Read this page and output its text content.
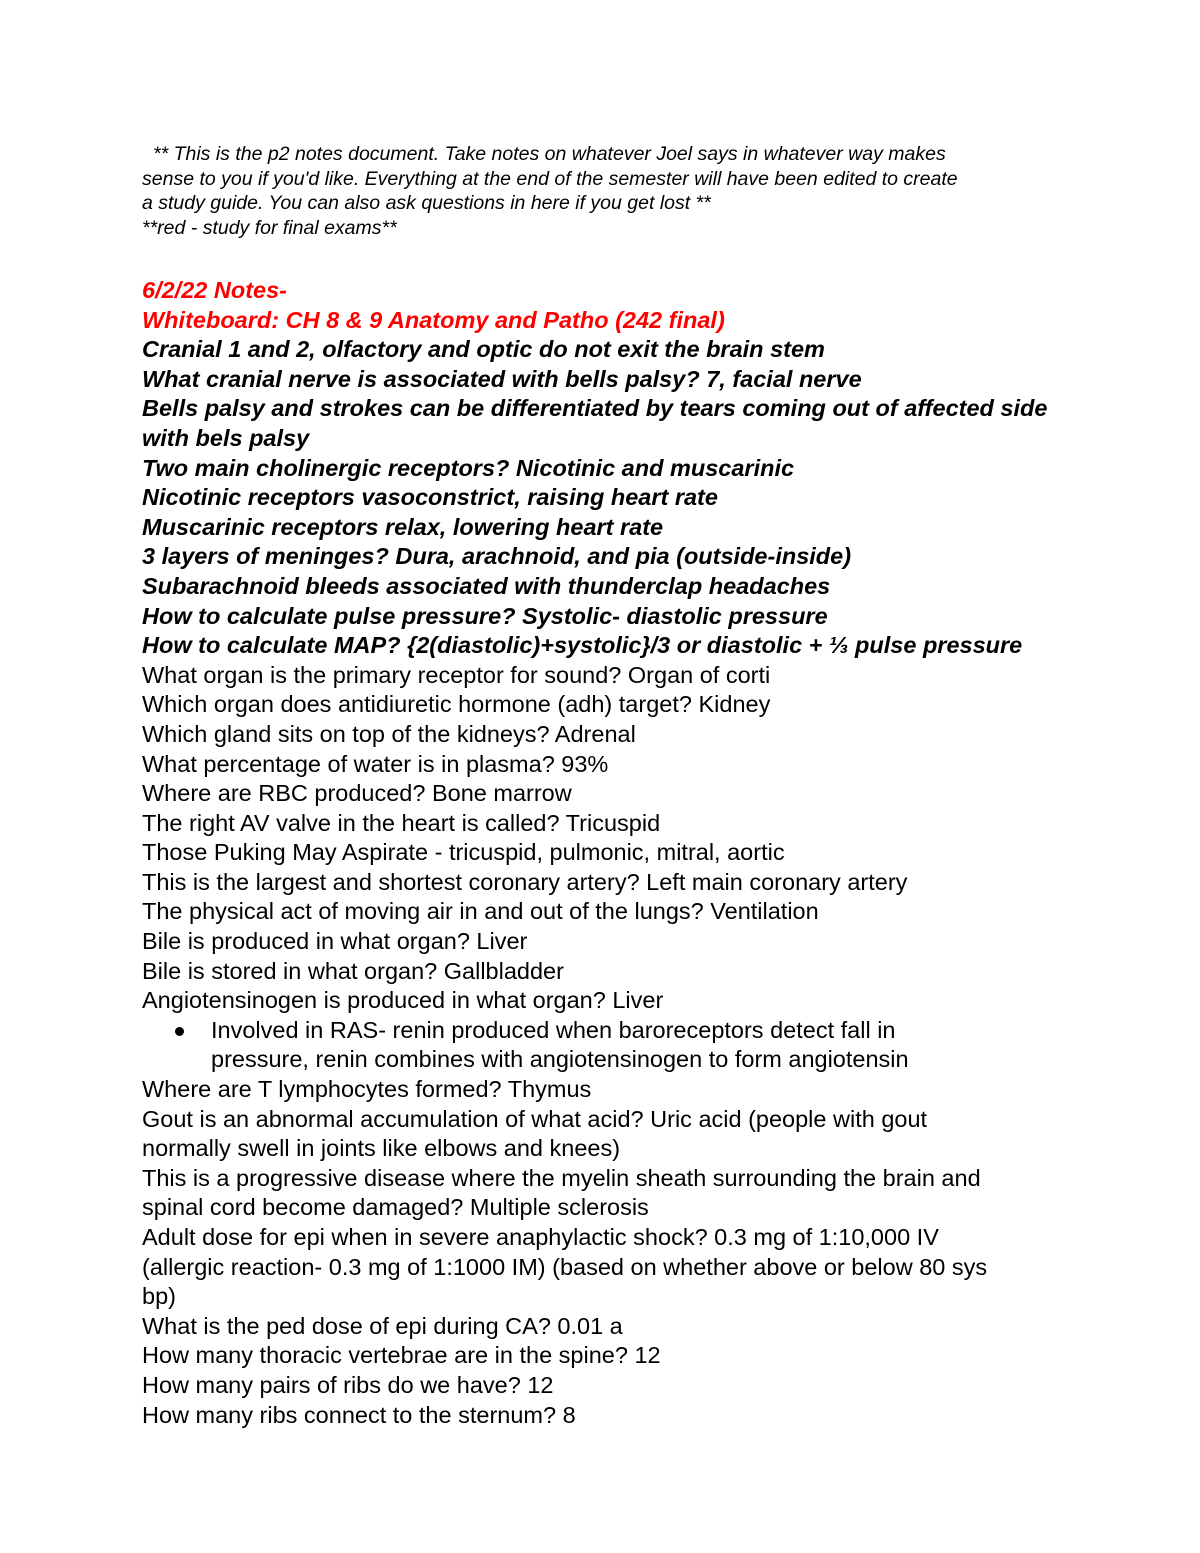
** This is the p2 notes document. Take notes on whatever Joel says in whatever way makes

sense to you if you'd like. Everything at the end of the semester will have been edited to create

a study guide. You can also ask questions in here if you get lost **

**red - study for final exams**

6/2/22 Notes-

Whiteboard: CH 8 & 9 Anatomy and Patho (242 final)

Cranial 1 and 2, olfactory and optic do not exit the brain stem

What cranial nerve is associated with bells palsy? 7, facial nerve

Bells palsy and strokes can be differentiated by tears coming out of affected side

with bels palsy

Two main cholinergic receptors? Nicotinic and muscarinic

Nicotinic receptors vasoconstrict, raising heart rate

Muscarinic receptors relax, lowering heart rate

3 layers of meninges? Dura, arachnoid, and pia (outside-inside)

Subarachnoid bleeds associated with thunderclap headaches

How to calculate pulse pressure? Systolic- diastolic pressure

How to calculate MAP? {2(diastolic)+systolic}/3 or diastolic + ⅓ pulse pressure

What organ is the primary receptor for sound? Organ of corti

Which organ does antidiuretic hormone (adh) target? Kidney

Which gland sits on top of the kidneys? Adrenal

What percentage of water is in plasma? 93%

Where are RBC produced? Bone marrow

The right AV valve in the heart is called? Tricuspid

Those Puking May Aspirate - tricuspid, pulmonic, mitral, aortic

This is the largest and shortest coronary artery? Left main coronary artery

The physical act of moving air in and out of the lungs? Ventilation

Bile is produced in what organ? Liver

Bile is stored in what organ? Gallbladder

Angiotensinogen is produced in what organ? Liver

Involved in RAS- renin produced when baroreceptors detect fall in
pressure, renin combines with angiotensinogen to form angiotensin

Where are T lymphocytes formed? Thymus

Gout is an abnormal accumulation of what acid? Uric acid (people with gout

normally swell in joints like elbows and knees)

This is a progressive disease where the myelin sheath surrounding the brain and

spinal cord become damaged? Multiple sclerosis

Adult dose for epi when in severe anaphylactic shock? 0.3 mg of 1:10,000 IV

(allergic reaction- 0.3 mg of 1:1000 IM) (based on whether above or below 80 sys

bp)

What is the ped dose of epi during CA? 0.01 a

How many thoracic vertebrae are in the spine? 12

How many pairs of ribs do we have? 12

How many ribs connect to the sternum? 8
